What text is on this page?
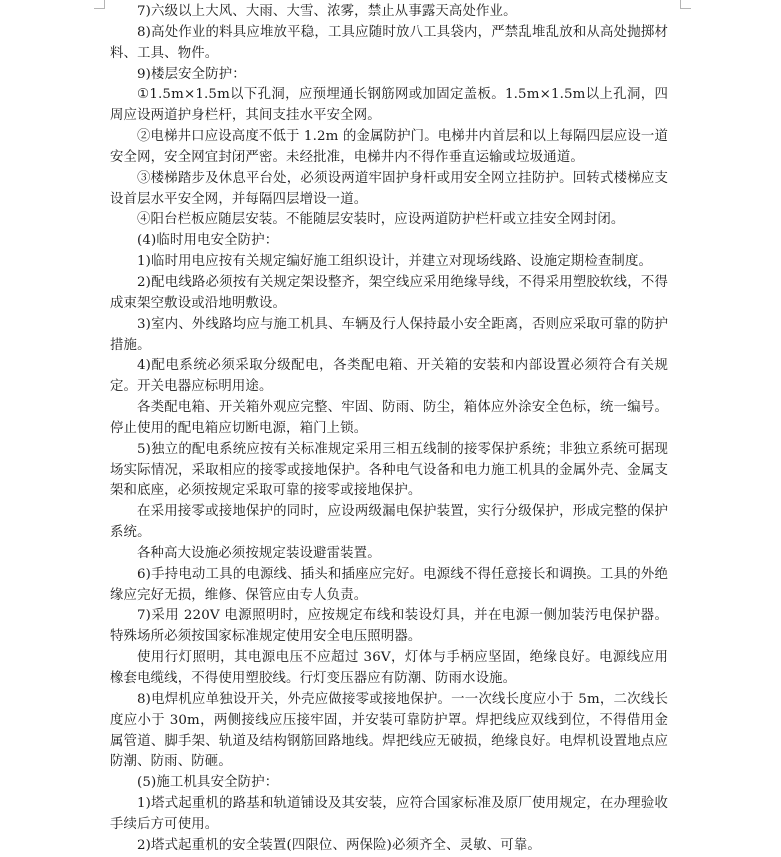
7)六级以上大风、大雨、大雪、浓雾，禁止从事露天高处作业。

8)高处作业的料具应堆放平稳，工具应随时放八工具袋内，严禁乱堆乱放和从高处抛掷材料、工具、物件。

9)楼层安全防护：

①1.5m×1.5m以下孔洞，应预埋通长钢筋网或加固定盖板。1.5m×1.5m以上孔洞，四周应设两道护身栏杆，其间支挂水平安全网。

②电梯井口应设高度不低于 1.2m 的金属防护门。电梯井内首层和以上每隔四层应设一道安全网，安全网宜封闭严密。未经批准，电梯井内不得作垂直运输或垃圾通道。

③楼梯踏步及休息平台处，必须设两道牢固护身杆或用安全网立挂防护。回转式楼梯应支设首层水平安全网，并每隔四层增设一道。

④阳台栏板应随层安装。不能随层安装时，应设两道防护栏杆或立挂安全网封闭。

(4)临时用电安全防护：

1)临时用电应按有关规定编好施工组织设计，并建立对现场线路、设施定期检查制度。

2)配电线路必须按有关规定架设整齐，架空线应采用绝缘导线，不得采用塑胶软线，不得成束架空敷设或沿地明敷设。

3)室内、外线路均应与施工机具、车辆及行人保持最小安全距离，否则应采取可靠的防护措施。

4)配电系统必须采取分级配电，各类配电箱、开关箱的安装和内部设置必须符合有关规定。开关电器应标明用途。

各类配电箱、开关箱外观应完整、牢固、防雨、防尘，箱体应外涂安全色标，统一编号。停止使用的配电箱应切断电源，箱门上锁。

5)独立的配电系统应按有关标准规定采用三相五线制的接零保护系统；非独立系统可据现场实际情况，采取相应的接零或接地保护。各种电气设备和电力施工机具的金属外壳、金属支架和底座，必须按规定采取可靠的接零或接地保护。

在采用接零或接地保护的同时，应设两级漏电保护装置，实行分级保护，形成完整的保护系统。

各种高大设施必须按规定装设避雷装置。

6)手持电动工具的电源线、插头和插座应完好。电源线不得任意接长和调换。工具的外绝缘应完好无损，维修、保管应由专人负责。

7)采用 220V 电源照明时，应按规定布线和装设灯具，并在电源一侧加装汚电保护器。特殊场所必须按国家标准规定使用安全电压照明器。

使用行灯照明，其电源电压不应超过 36V，灯体与手柄应坚固，绝缘良好。电源线应用橡套电缆线，不得使用塑胶线。行灯变压器应有防潮、防雨水设施。

8)电焊机应单独设开关，外壳应做接零或接地保护。一一次线长度应小于 5m，二次线长度应小于 30m，两侧接线应压接牢固，并安装可靠防护罩。焊把线应双线到位，不得借用金属管道、脚手架、轨道及结构钢筋回路地线。焊把线应无破损，绝缘良好。电焊机设置地点应防潮、防雨、防砸。

(5)施工机具安全防护：

1)塔式起重机的路基和轨道铺设及其安装，应符合国家标准及原厂使用规定，在办理验收手续后方可使用。

2)塔式起重机的安全装置(四限位、两保险)必须齐全、灵敏、可靠。
